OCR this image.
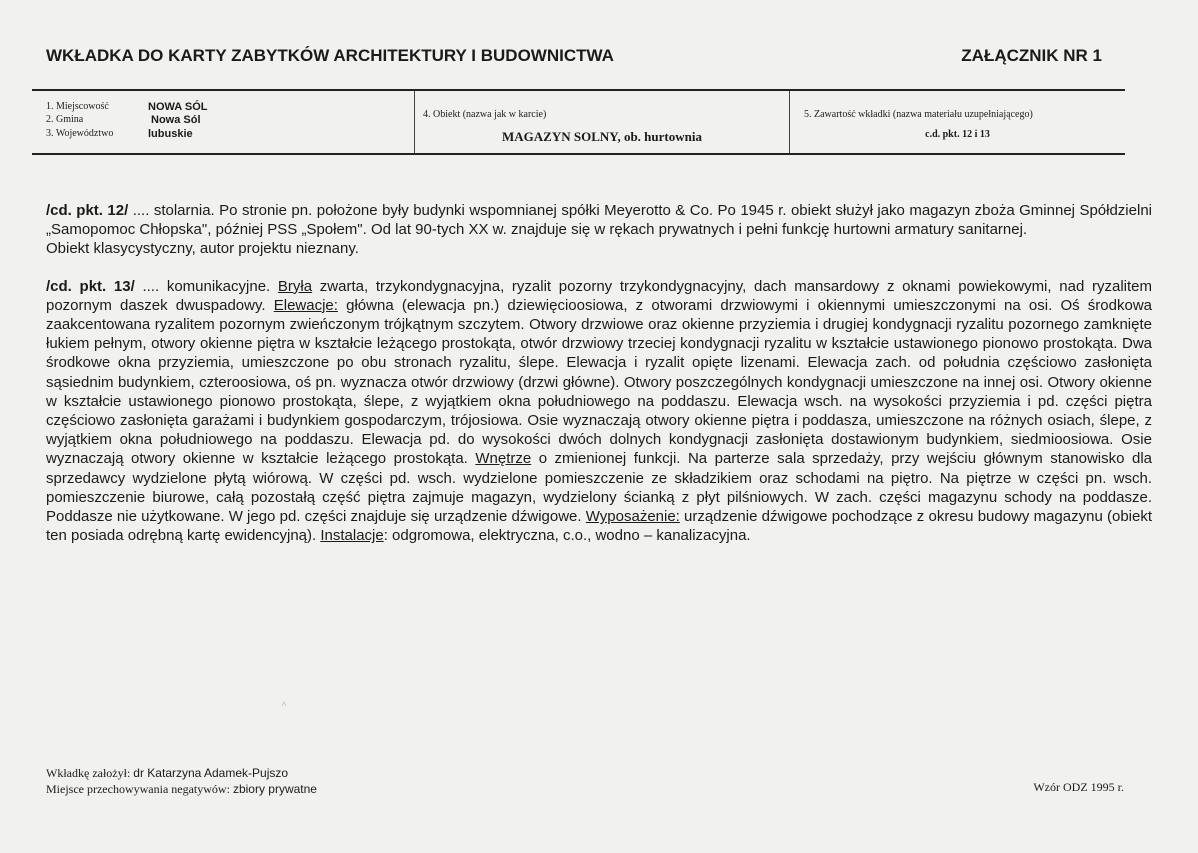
WKŁADKA DO KARTY ZABYTKÓW ARCHITEKTURY I BUDOWNICTWA	ZAŁĄCZNIK NR 1
1. Miejscowość	NOWA SÓL
2. Gmina	Nowa Sól
3. Województwo	lubuskie
4. Obiekt (nazwa jak w karcie)
MAGAZYN SOLNY, ob. hurtownia
5. Zawartość wkładki (nazwa materiału uzupełniającego)
c.d. pkt. 12 i 13

/cd. pkt. 12/ .... stolarnia. Po stronie pn. położone były budynki wspomnianej spółki Meyerotto & Co. Po 1945 r. obiekt służył jako magazyn zboża Gminnej Spółdzielni „Samopomoc Chłopska", później PSS „Społem". Od lat 90-tych XX w. znajduje się w rękach prywatnych i pełni funkcję hurtowni armatury sanitarnej.

Obiekt klasycystyczny, autor projektu nieznany.

/cd. pkt. 13/ .... komunikacyjne. Bryła zwarta, trzykondygnacyjna, ryzalit pozorny trzykondygnacyjny, dach mansardowy z oknami powiekowymi, nad ryzalitem pozornym daszek dwuspadowy. Elewacje: główna (elewacja pn.) dziewięcioosiowa, z otworami drzwiowymi i okiennymi umieszczonymi na osi. Oś środkowa zaakcentowana ryzalitem pozornym zwieńczonym trójkątnym szczytem. Otwory drzwiowe oraz okienne przyziemia i drugiej kondygnacji ryzalitu pozornego zamknięte łukiem pełnym, otwory okienne piętra w kształcie leżącego prostokąta, otwór drzwiowy trzeciej kondygnacji ryzalitu w kształcie ustawionego pionowo prostokąta. Dwa środkowe okna przyziemia, umieszczone po obu stronach ryzalitu, ślepe. Elewacja i ryzalit opięte lizenami. Elewacja zach. od południa częściowo zasłonięta sąsiednim budynkiem, czteroosiowa, oś pn. wyznacza otwór drzwiowy (drzwi główne). Otwory poszczególnych kondygnacji umieszczone na innej osi. Otwory okienne w kształcie ustawionego pionowo prostokąta, ślepe, z wyjątkiem okna południowego na poddaszu. Elewacja wsch. na wysokości przyziemia i pd. części piętra częściowo zasłonięta garażami i budynkiem gospodarczym, trójosiowa. Osie wyznaczają otwory okienne piętra i poddasza, umieszczone na różnych osiach, ślepe, z wyjątkiem okna południowego na poddaszu. Elewacja pd. do wysokości dwóch dolnych kondygnacji zasłonięta dostawionym budynkiem, siedmioosiowa. Osie wyznaczają otwory okienne w kształcie leżącego prostokąta. Wnętrze o zmienionej funkcji. Na parterze sala sprzedaży, przy wejściu głównym stanowisko dla sprzedawcy wydzielone płytą wiórową. W części pd. wsch. wydzielone pomieszczenie ze składzikiem oraz schodami na piętro. Na piętrze w części pn. wsch. pomieszczenie biurowe, całą pozostałą część piętra zajmuje magazyn, wydzielony ścianką z płyt pilśniowych. W zach. części magazynu schody na poddasze. Poddasze nie użytkowane. W jego pd. części znajduje się urządzenie dźwigowe. Wyposażenie: urządzenie dźwigowe pochodzące z okresu budowy magazynu (obiekt ten posiada odrębną kartę ewidencyjną). Instalacje: odgromowa, elektryczna, c.o., wodno – kanalizacyjna.

^
Wkładkę założył: dr Katarzyna Adamek-Pujszo
Miejsce przechowywania negatywów: zbiory prywatne	Wzór ODZ 1995 r.
